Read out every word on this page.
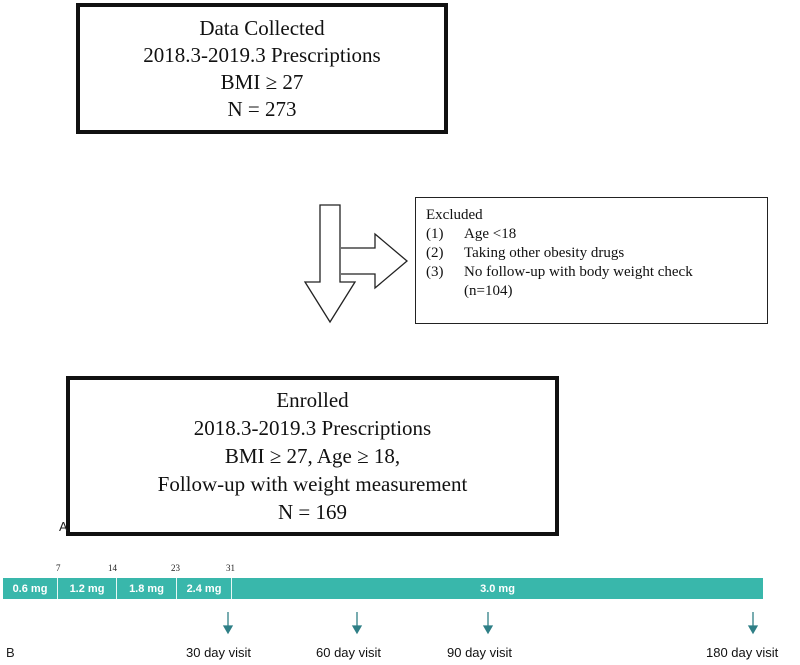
Data Collected
2018.3-2019.3 Prescriptions
BMI ≥ 27
N = 273
Excluded
(1)	Age <18
(2)	Taking other obesity drugs
(3)	No follow-up with body weight check
(n=104)
Enrolled
2018.3-2019.3 Prescriptions
BMI ≥ 27, Age ≥ 18,
Follow-up with weight measurement
N = 169
A
7	14	23	31
0.6 mg	1.2 mg	1.8 mg	2.4 mg	3.0 mg
30 day visit	60 day visit	90 day visit	180 day visit
B
